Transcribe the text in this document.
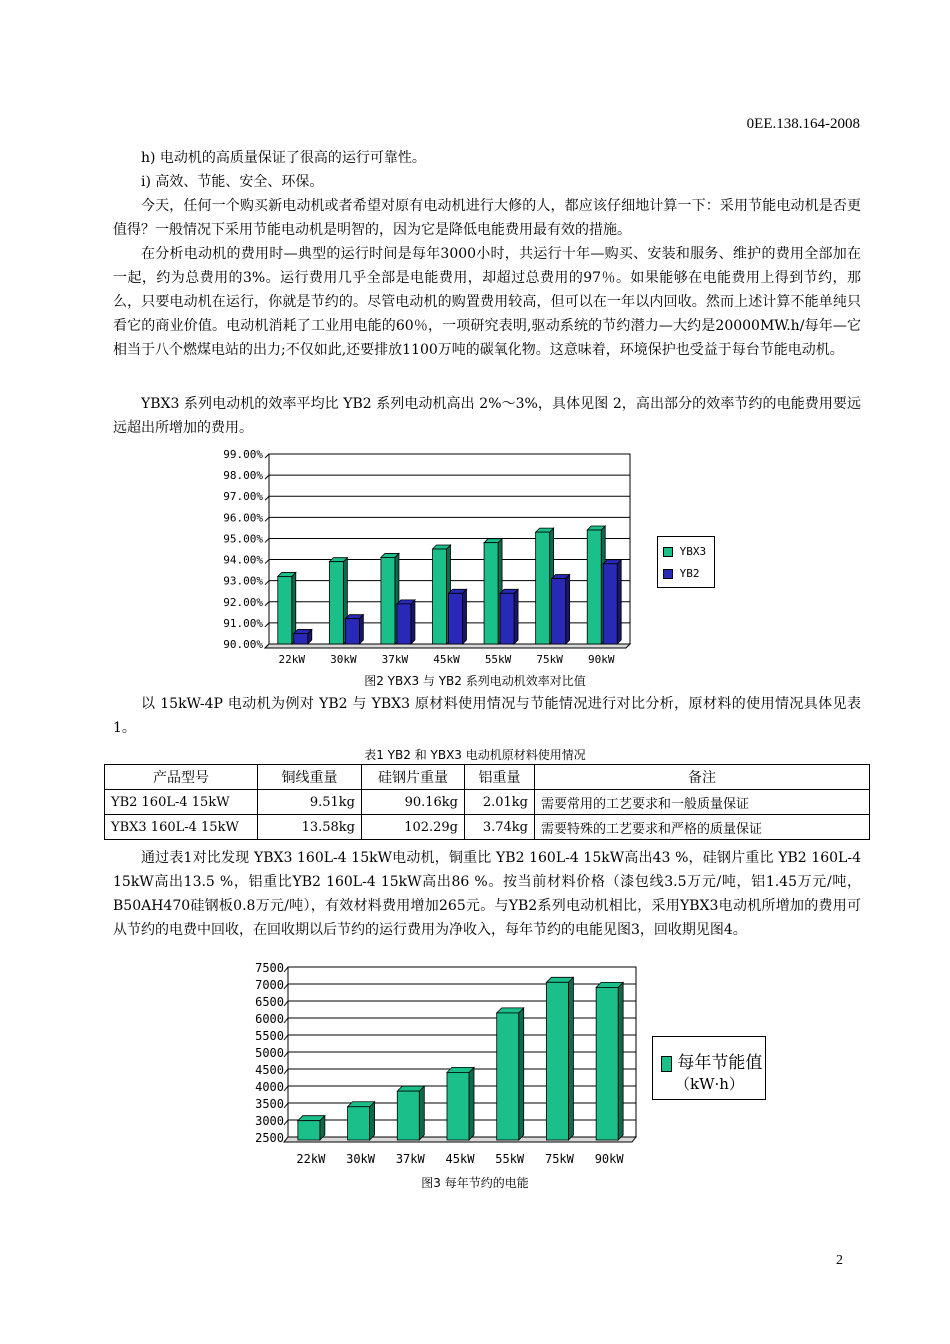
0EE.138.164-2008

h) 电动机的高质量保证了很高的运行可靠性。

i) 高效、节能、安全、环保。

今天，任何一个购买新电动机或者希望对原有电动机进行大修的人，都应该仔细地计算一下：采用节能电动机是否更值得？一般情况下采用节能电动机是明智的，因为它是降低电能费用最有效的措施。

在分析电动机的费用时—典型的运行时间是每年3000小时，共运行十年—购买、安装和服务、维护的费用全部加在一起，约为总费用的3%。运行费用几乎全部是电能费用，却超过总费用的97％。如果能够在电能费用上得到节约，那么，只要电动机在运行，你就是节约的。尽管电动机的购置费用较高，但可以在一年以内回收。然而上述计算不能单纯只看它的商业价值。电动机消耗了工业用电能的60％，一项研究表明,驱动系统的节约潜力—大约是20000MW.h/每年—它相当于八个燃煤电站的出力;不仅如此,还要排放1100万吨的碳氧化物。这意味着，环境保护也受益于每台节能电动机。

YBX3 系列电动机的效率平均比 YB2 系列电动机高出 2%～3%，具体见图 2，高出部分的效率节约的电能费用要远远超出所增加的费用。

90.00%
91.00%
92.00%
93.00%
94.00%
95.00%
96.00%
97.00%
98.00%
99.00%
22kW 30kW 37kW 45kW 55kW 75kW 90kW
YBX3
YB2
图2 YBX3 与 YB2 系列电动机效率对比值

以 15kW-4P 电动机为例对 YB2 与 YBX3 原材料使用情况与节能情况进行对比分析，原材料的使用情况具体见表 1。

表1 YB2 和 YBX3 电动机原材料使用情况
产品型号	铜线重量	硅钢片重量	铝重量	备注
YB2 160L-4 15kW	9.51kg	90.16kg	2.01kg	需要常用的工艺要求和一般质量保证
YBX3 160L-4 15kW	13.58kg	102.29g	3.74kg	需要特殊的工艺要求和严格的质量保证

通过表1对比发现 YBX3 160L-4 15kW电动机，铜重比 YB2 160L-4 15kW高出43 %，硅钢片重比 YB2 160L-4 15kW高出13.5 %，铝重比YB2 160L-4 15kW高出86 %。按当前材料价格（漆包线3.5万元/吨，铝1.45万元/吨，B50AH470硅钢板0.8万元/吨），有效材料费用增加265元。与YB2系列电动机相比，采用YBX3电动机所增加的费用可从节约的电费中回收，在回收期以后节约的运行费用为净收入，每年节约的电能见图3，回收期见图4。

2500
3000
3500
4000
4500
5000
5500
6000
6500
7000
7500
22kW 30kW 37kW 45kW 55kW 75kW 90kW
每年节能值
（kW·h）
图3 每年节约的电能
2
